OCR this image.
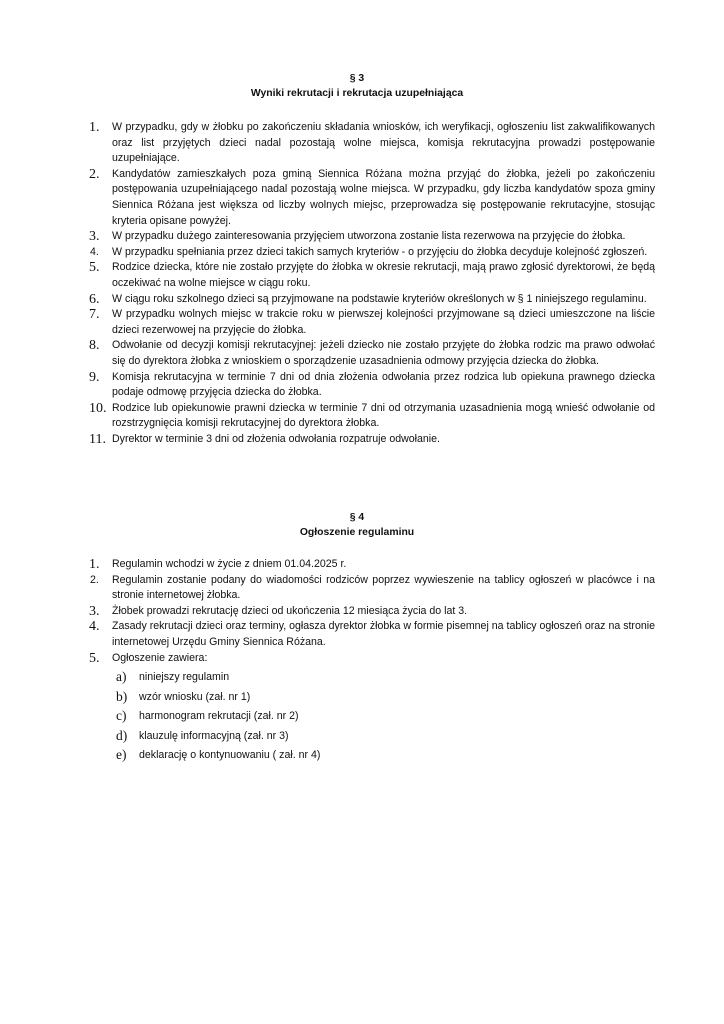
§ 3
Wyniki rekrutacji i rekrutacja uzupełniająca
1. W przypadku, gdy w żłobku po zakończeniu składania wniosków, ich weryfikacji, ogłoszeniu list zakwalifikowanych oraz list przyjętych dzieci nadal pozostają wolne miejsca, komisja rekrutacyjna prowadzi postępowanie uzupełniające.
2. Kandydatów zamieszkałych poza gminą Siennica Różana można przyjąć do żłobka, jeżeli po zakończeniu postępowania uzupełniającego nadal pozostają wolne miejsca. W przypadku, gdy liczba kandydatów spoza gminy Siennica Różana jest większa od liczby wolnych miejsc, przeprowadza się postępowanie rekrutacyjne, stosując kryteria opisane powyżej.
3. W przypadku dużego zainteresowania przyjęciem utworzona zostanie lista rezerwowa na przyjęcie do żłobka.
4. W przypadku spełniania przez dzieci takich samych kryteriów - o przyjęciu do żłobka decyduje kolejność zgłoszeń.
5. Rodzice dziecka, które nie zostało przyjęte do żłobka w okresie rekrutacji, mają prawo zgłosić dyrektorowi, że będą oczekiwać na wolne miejsce w ciągu roku.
6. W ciągu roku szkolnego dzieci są przyjmowane na podstawie kryteriów określonych w § 1 niniejszego regulaminu.
7. W przypadku wolnych miejsc w trakcie roku w pierwszej kolejności przyjmowane są dzieci umieszczone na liście dzieci rezerwowej na przyjęcie do żłobka.
8. Odwołanie od decyzji komisji rekrutacyjnej: jeżeli dziecko nie zostało przyjęte do żłobka rodzic ma prawo odwołać się do dyrektora żłobka z wnioskiem o sporządzenie uzasadnienia odmowy przyjęcia dziecka do żłobka.
9. Komisja rekrutacyjna w terminie 7 dni od dnia złożenia odwołania przez rodzica lub opiekuna prawnego dziecka podaje odmowę przyjęcia dziecka do żłobka.
10. Rodzice lub opiekunowie prawni dziecka w terminie 7 dni od otrzymania uzasadnienia mogą wnieść odwołanie od rozstrzygnięcia komisji rekrutacyjnej do dyrektora żłobka.
11. Dyrektor w terminie 3 dni od złożenia odwołania rozpatruje odwołanie.
§ 4
Ogłoszenie regulaminu
1. Regulamin wchodzi w życie z dniem 01.04.2025 r.
2. Regulamin zostanie podany do wiadomości rodziców poprzez wywieszenie na tablicy ogłoszeń w placówce i na stronie internetowej żłobka.
3. Żłobek prowadzi rekrutację dzieci od ukończenia 12 miesiąca życia do lat 3.
4. Zasady rekrutacji dzieci oraz terminy, ogłasza dyrektor żłobka w formie pisemnej na tablicy ogłoszeń oraz na stronie internetowej Urzędu Gminy Siennica Różana.
5. Ogłoszenie zawiera:
a) niniejszy regulamin
b) wzór wniosku (zał. nr 1)
c) harmonogram rekrutacji (zał. nr 2)
d) klauzulę informacyjną (zał. nr 3)
e) deklarację o kontynuowaniu ( zał. nr 4)
